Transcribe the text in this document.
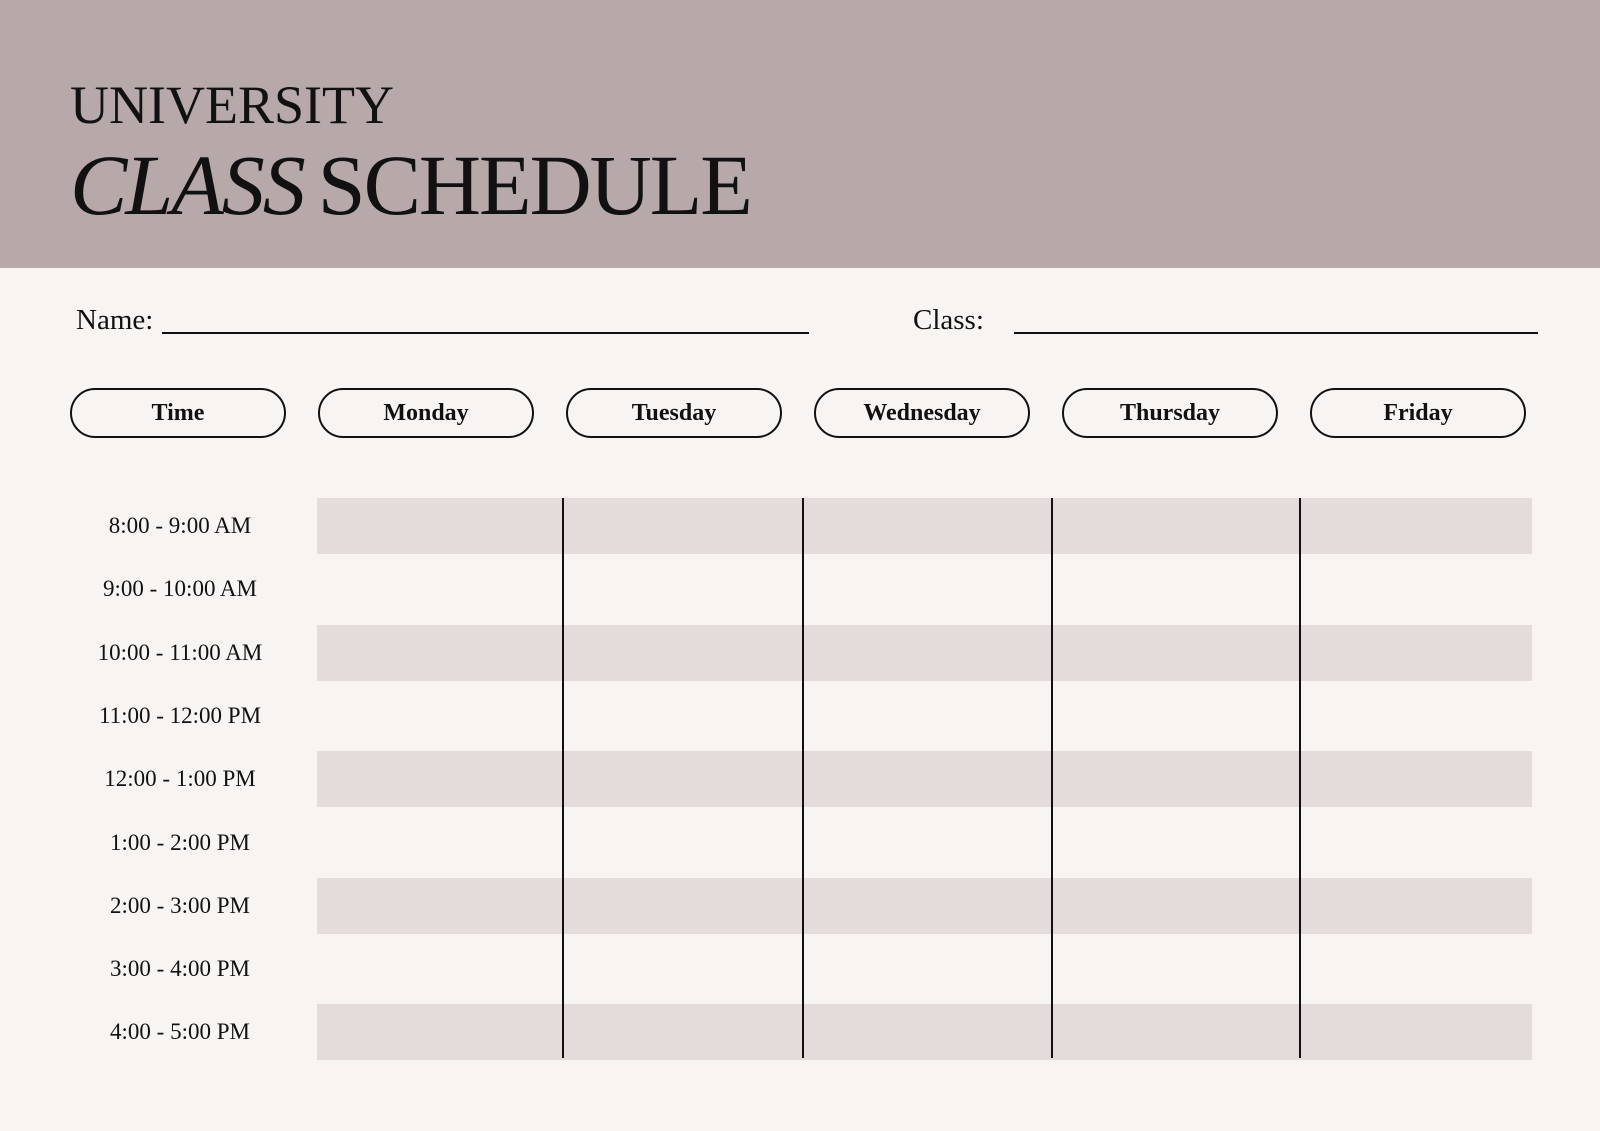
UNIVERSITY
CLASS SCHEDULE
Name:	Class:
Time	Monday	Tuesday	Wednesday	Thursday	Friday
8:00 - 9:00 AM
9:00 - 10:00 AM
10:00 - 11:00 AM
11:00 - 12:00 PM
12:00 - 1:00 PM
1:00 - 2:00 PM
2:00 - 3:00 PM
3:00 - 4:00 PM
4:00 - 5:00 PM
